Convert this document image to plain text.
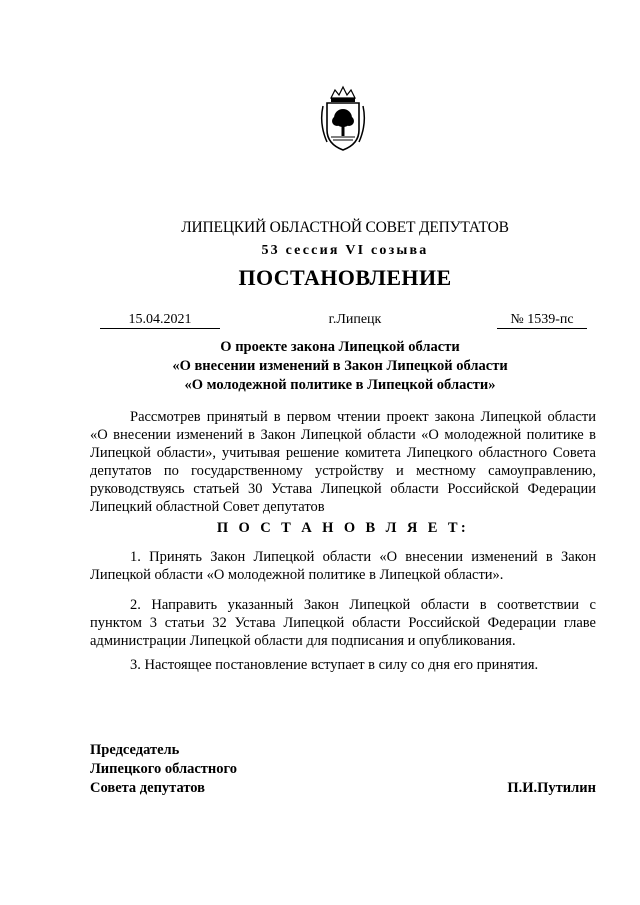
ЛИПЕЦКИЙ ОБЛАСТНОЙ СОВЕТ ДЕПУТАТОВ
53 сессия VI созыва
ПОСТАНОВЛЕНИЕ
15.04.2021	г.Липецк	№ 1539-пс
О проекте закона Липецкой области
«О внесении изменений в Закон Липецкой области
«О молодежной политике в Липецкой области»
Рассмотрев принятый в первом чтении проект закона Липецкой области «О внесении изменений в Закон Липецкой области «О молодежной политике в Липецкой области», учитывая решение комитета Липецкого областного Совета депутатов по государственному устройству и местному самоуправлению, руководствуясь статьей 30 Устава Липецкой области Российской Федерации Липецкий областной Совет депутатов
П О С Т А Н О В Л Я Е Т:
1. Принять Закон Липецкой области «О внесении изменений в Закон Липецкой области «О молодежной политике в Липецкой области».
2. Направить указанный Закон Липецкой области в соответствии с пунктом 3 статьи 32 Устава Липецкой области Российской Федерации главе администрации Липецкой области для подписания и опубликования.
3. Настоящее постановление вступает в силу со дня его принятия.
Председатель
Липецкого областного
Совета депутатов	П.И.Путилин
